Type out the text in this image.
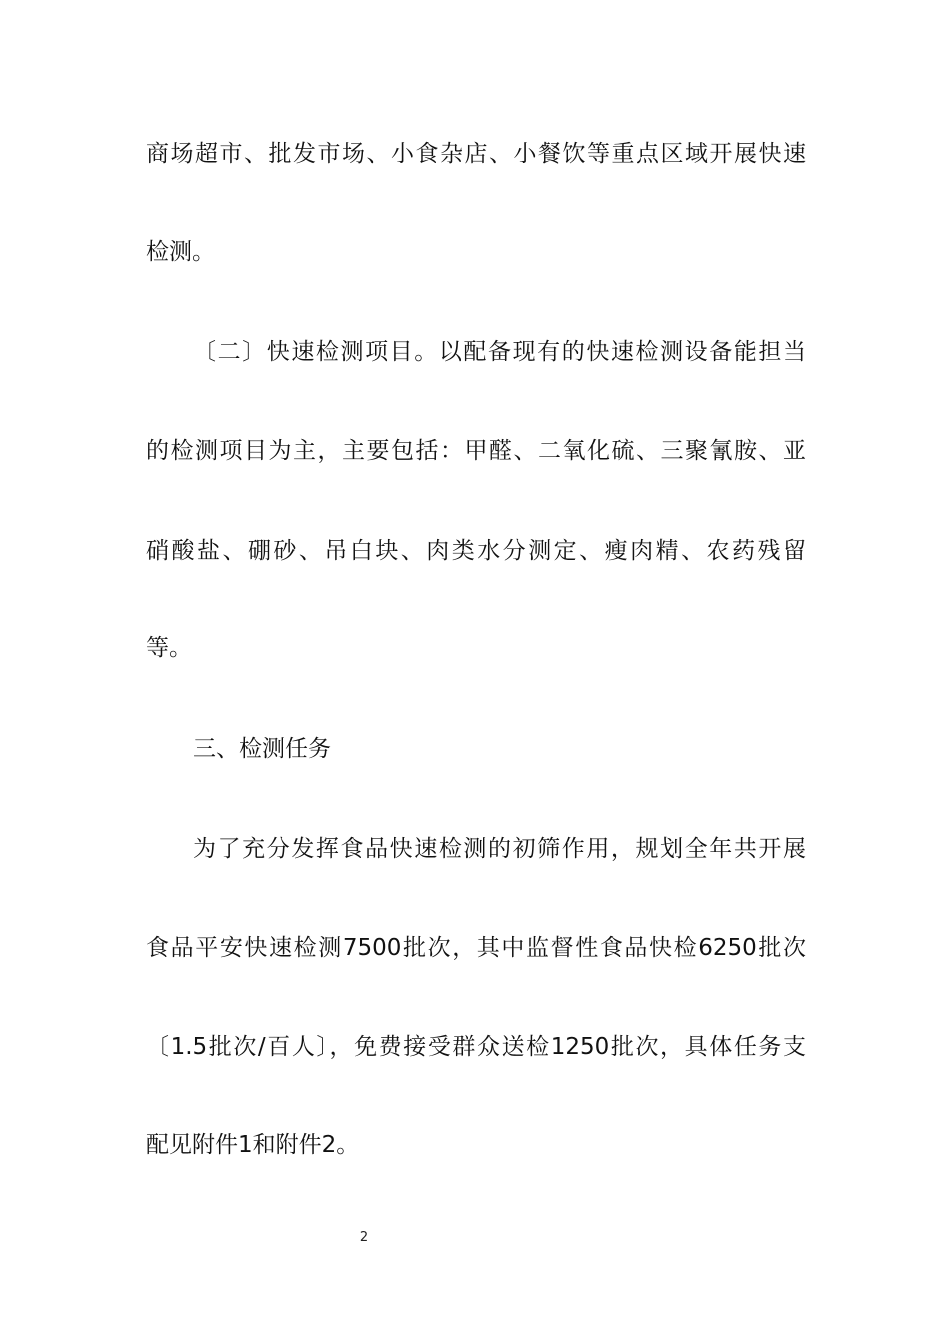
商场超市、批发市场、小食杂店、小餐饮等重点区域开展快速
检测。
〔二〕快速检测项目。以配备现有的快速检测设备能担当
的检测项目为主，主要包括：甲醛、二氧化硫、三聚氰胺、亚
硝酸盐、硼砂、吊白块、肉类水分测定、瘦肉精、农药残留
等。
三、检测任务
为了充分发挥食品快速检测的初筛作用，规划全年共开展
食品平安快速检测7500批次，其中监督性食品快检6250批次
〔1.5批次/百人〕，免费接受群众送检1250批次，具体任务支
配见附件1和附件2。
2
